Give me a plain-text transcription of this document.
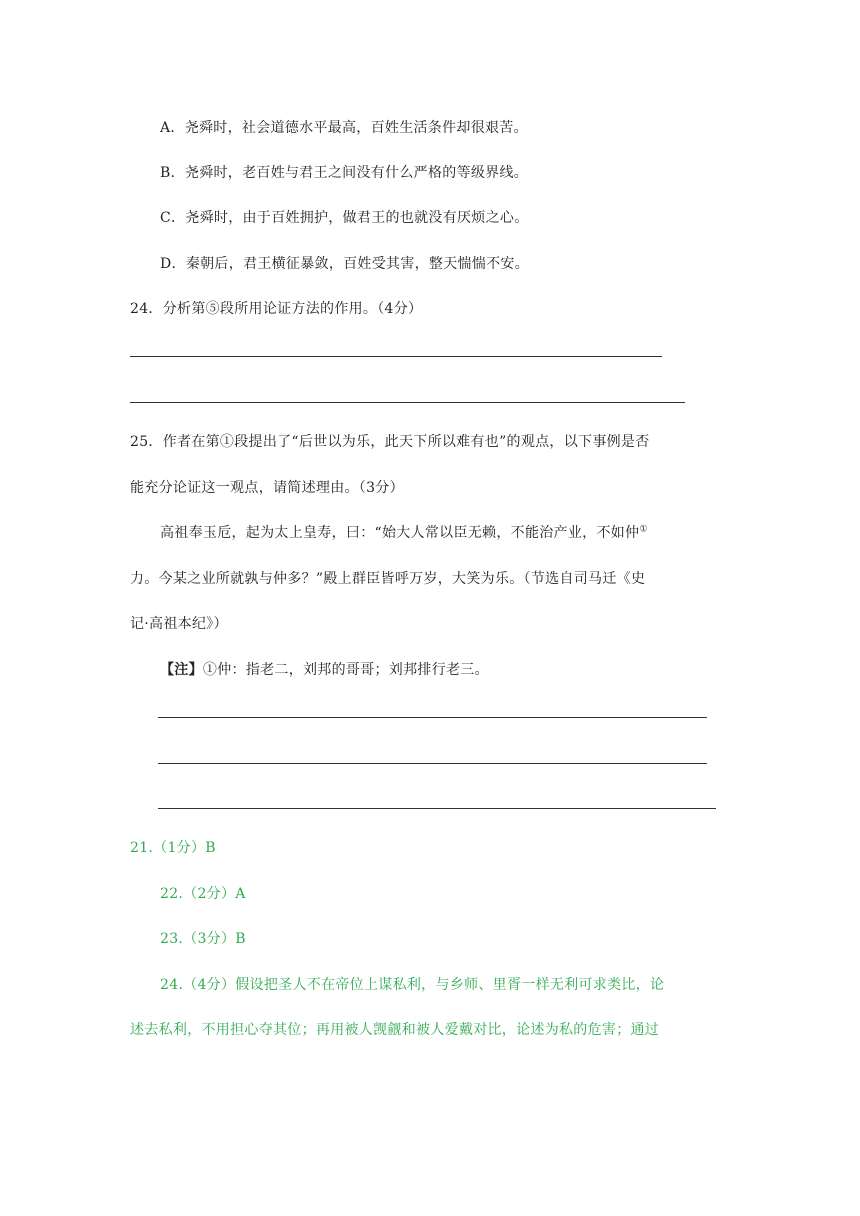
A．尧舜时，社会道德水平最高，百姓生活条件却很艰苦。
B．尧舜时，老百姓与君王之间没有什么严格的等级界线。
C．尧舜时，由于百姓拥护，做君王的也就没有厌烦之心。
D．秦朝后，君王横征暴敛，百姓受其害，整天惴惴不安。
24．分析第⑤段所用论证方法的作用。（4分）
25．作者在第①段提出了“后世以为乐，此天下所以难有也”的观点，以下事例是否
能充分论证这一观点，请简述理由。（3分）
高祖奉玉卮，起为太上皇寿，曰：“始大人常以臣无赖，不能治产业，不如仲①
力。今某之业所就孰与仲多？”殿上群臣皆呼万岁，大笑为乐。（节选自司马迁《史
记·高祖本纪》）
【注】①仲：指老二，刘邦的哥哥；刘邦排行老三。
21.（1分）B
22.（2分）A
23.（3分）B
24.（4分）假设把圣人不在帝位上谋私利，与乡师、里胥一样无利可求类比，论
述去私利，不用担心夺其位；再用被人觊觎和被人爱戴对比，论述为私的危害；通过
